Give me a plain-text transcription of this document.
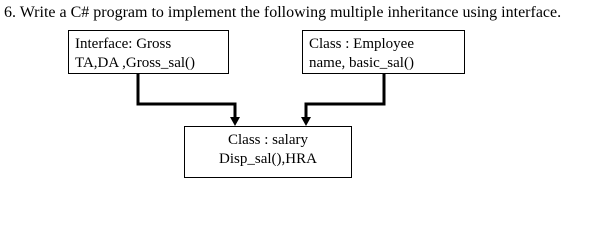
6. Write a C# program to implement the following multiple inheritance using interface.
Interface: Gross
TA,DA ,Gross_sal()
Class : Employee
name, basic_sal()
Class : salary
Disp_sal(),HRA
